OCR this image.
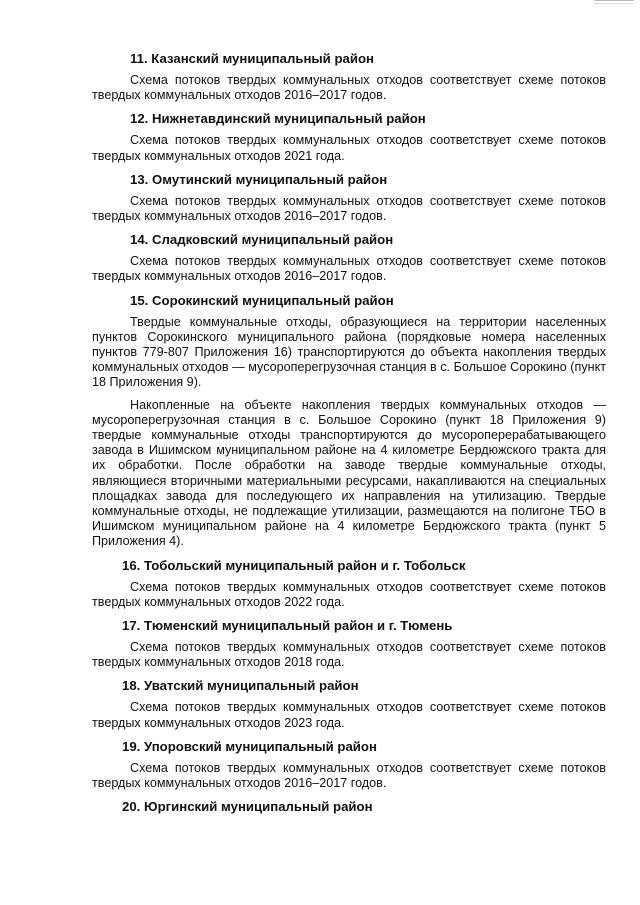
11. Казанский муниципальный район

Схема потоков твердых коммунальных отходов соответствует схеме потоков твердых коммунальных отходов 2016–2017 годов.

12. Нижнетавдинский муниципальный район

Схема потоков твердых коммунальных отходов соответствует схеме потоков твердых коммунальных отходов 2021 года.

13. Омутинский муниципальный район

Схема потоков твердых коммунальных отходов соответствует схеме потоков твердых коммунальных отходов 2016–2017 годов.

14. Сладковский муниципальный район

Схема потоков твердых коммунальных отходов соответствует схеме потоков твердых коммунальных отходов 2016–2017 годов.

15. Сорокинский муниципальный район

Твердые коммунальные отходы, образующиеся на территории населенных пунктов Сорокинского муниципального района (порядковые номера населенных пунктов 779-807 Приложения 16) транспортируются до объекта накопления твердых коммунальных отходов — мусороперегрузочная станция в с. Большое Сорокино (пункт 18 Приложения 9).

Накопленные на объекте накопления твердых коммунальных отходов — мусороперегрузочная станция в с. Большое Сорокино (пункт 18 Приложения 9) твердые коммунальные отходы транспортируются до мусороперерабатывающего завода в Ишимском муниципальном районе на 4 километре Бердюжского тракта для их обработки. После обработки на заводе твердые коммунальные отходы, являющиеся вторичными материальными ресурсами, накапливаются на специальных площадках завода для последующего их направления на утилизацию. Твердые коммунальные отходы, не подлежащие утилизации, размещаются на полигоне ТБО в Ишимском муниципальном районе на 4 километре Бердюжского тракта (пункт 5 Приложения 4).

16. Тобольский муниципальный район и г. Тобольск

Схема потоков твердых коммунальных отходов соответствует схеме потоков твердых коммунальных отходов 2022 года.

17. Тюменский муниципальный район и г. Тюмень

Схема потоков твердых коммунальных отходов соответствует схеме потоков твердых коммунальных отходов 2018 года.

18. Уватский муниципальный район

Схема потоков твердых коммунальных отходов соответствует схеме потоков твердых коммунальных отходов 2023 года.

19. Упоровский муниципальный район

Схема потоков твердых коммунальных отходов соответствует схеме потоков твердых коммунальных отходов 2016–2017 годов.

20. Юргинский муниципальный район
